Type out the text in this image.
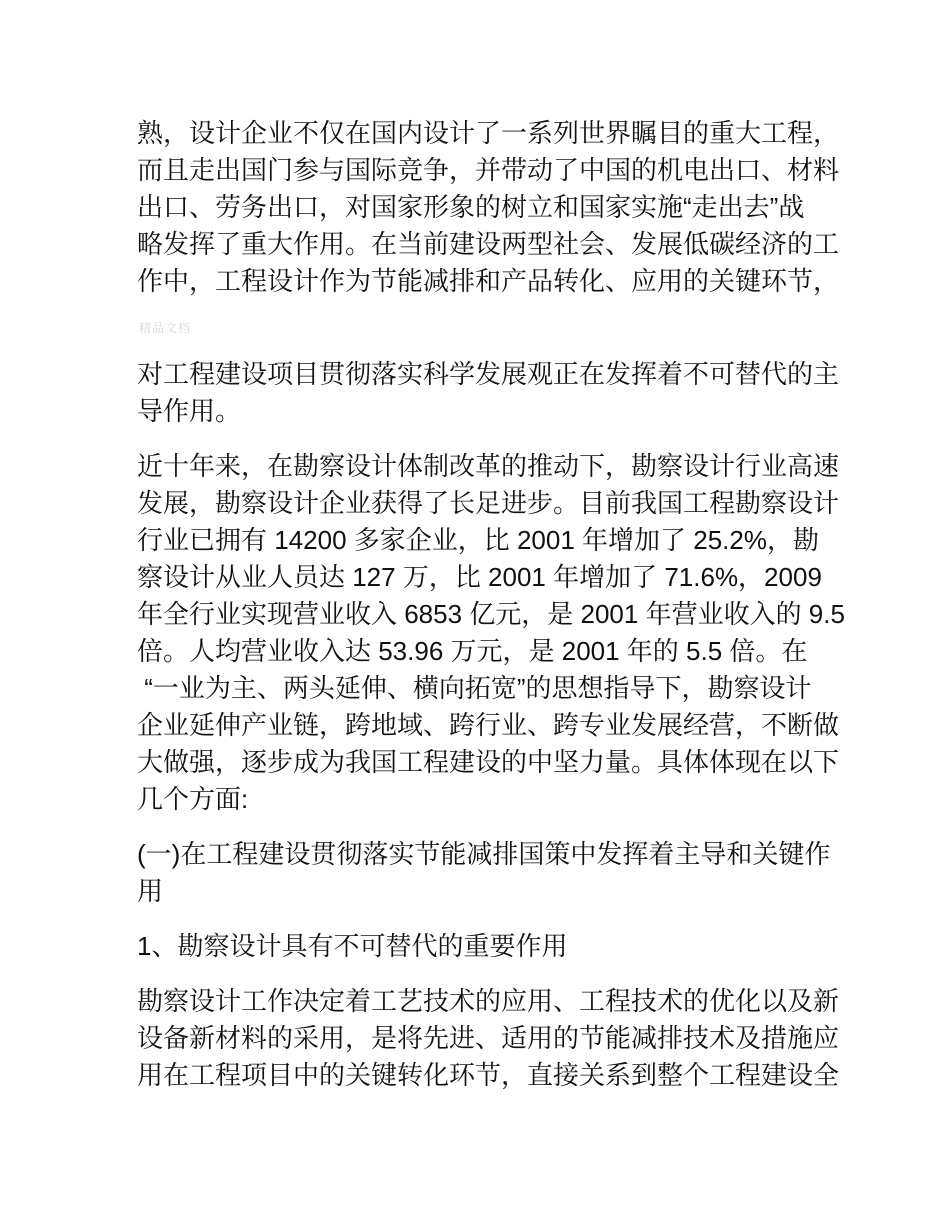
熟，设计企业不仅在国内设计了一系列世界瞩目的重大工程，
而且走出国门参与国际竞争，并带动了中国的机电出口、材料
出口、劳务出口，对国家形象的树立和国家实施“走出去”战
略发挥了重大作用。在当前建设两型社会、发展低碳经济的工
作中，工程设计作为节能减排和产品转化、应用的关键环节，
精品文档
对工程建设项目贯彻落实科学发展观正在发挥着不可替代的主
导作用。
近十年来，在勘察设计体制改革的推动下，勘察设计行业高速
发展，勘察设计企业获得了长足进步。目前我国工程勘察设计
行业已拥有 14200 多家企业，比 2001 年增加了 25.2%，勘
察设计从业人员达 127 万，比 2001 年增加了 71.6%，2009
年全行业实现营业收入 6853 亿元，是 2001 年营业收入的 9.5
倍。人均营业收入达 53.96 万元，是 2001 年的 5.5 倍。在
“一业为主、两头延伸、横向拓宽”的思想指导下，勘察设计
企业延伸产业链，跨地域、跨行业、跨专业发展经营，不断做
大做强，逐步成为我国工程建设的中坚力量。具体体现在以下
几个方面:
(一)在工程建设贯彻落实节能减排国策中发挥着主导和关键作
用
1、勘察设计具有不可替代的重要作用
勘察设计工作决定着工艺技术的应用、工程技术的优化以及新
设备新材料的采用，是将先进、适用的节能减排技术及措施应
用在工程项目中的关键转化环节，直接关系到整个工程建设全
